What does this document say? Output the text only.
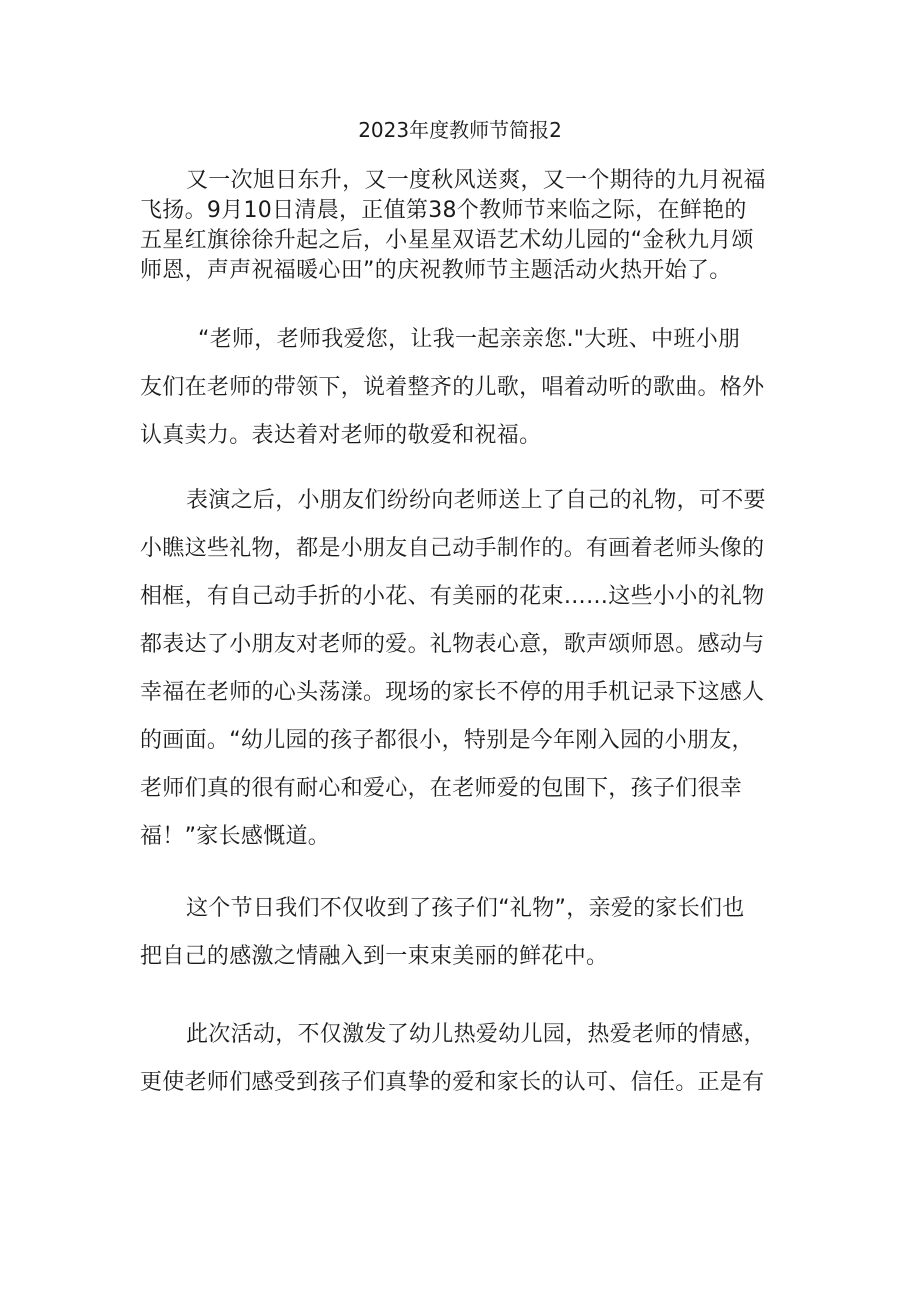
2023年度教师节简报2
又一次旭日东升，又一度秋风送爽，又一个期待的九月祝福
飞扬。9月10日清晨，正值第38个教师节来临之际，在鲜艳的
五星红旗徐徐升起之后，小星星双语艺术幼儿园的“金秋九月颂
师恩，声声祝福暖心田”的庆祝教师节主题活动火热开始了。
“老师，老师我爱您，让我一起亲亲您."大班、中班小朋
友们在老师的带领下，说着整齐的儿歌，唱着动听的歌曲。格外
认真卖力。表达着对老师的敬爱和祝福。
表演之后，小朋友们纷纷向老师送上了自己的礼物，可不要
小瞧这些礼物，都是小朋友自己动手制作的。有画着老师头像的
相框，有自己动手折的小花、有美丽的花束……这些小小的礼物
都表达了小朋友对老师的爱。礼物表心意，歌声颂师恩。感动与
幸福在老师的心头荡漾。现场的家长不停的用手机记录下这感人
的画面。“幼儿园的孩子都很小，特别是今年刚入园的小朋友，
老师们真的很有耐心和爱心，在老师爱的包围下，孩子们很幸
福！”家长感慨道。
这个节日我们不仅收到了孩子们“礼物”，亲爱的家长们也
把自己的感激之情融入到一束束美丽的鲜花中。
此次活动，不仅激发了幼儿热爱幼儿园，热爱老师的情感，
更使老师们感受到孩子们真挚的爱和家长的认可、信任。正是有
